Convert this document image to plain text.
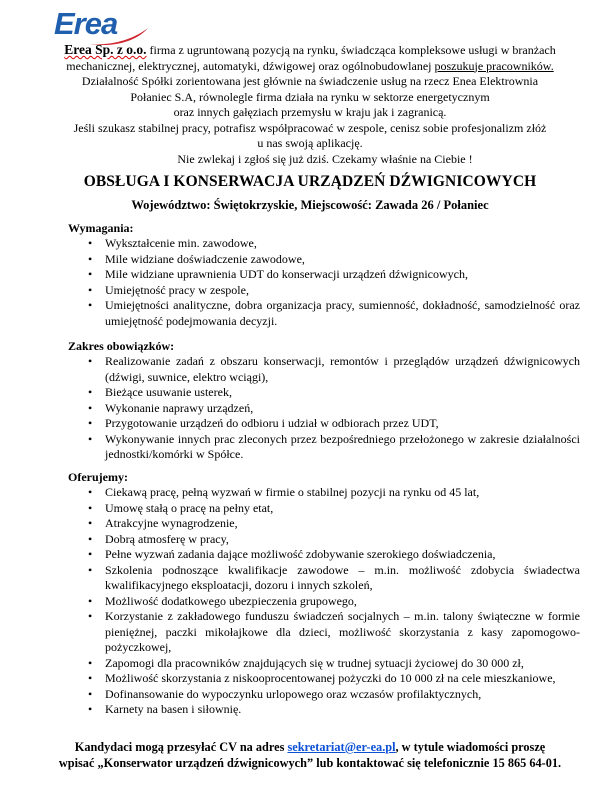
Erea
Erea Sp. z o.o. firma z ugruntowaną pozycją na rynku, świadcząca kompleksowe usługi w branżach
mechanicznej, elektrycznej, automatyki, dźwigowej oraz ogólnobudowlanej poszukuje pracowników.
Działalność Spółki zorientowana jest głównie na świadczenie usług na rzecz Enea Elektrownia
Połaniec S.A, równolegle firma działa na rynku w sektorze energetycznym
oraz innych gałęziach przemysłu w kraju jak i zagranicą.
Jeśli szukasz stabilnej pracy, potrafisz współpracować w zespole, cenisz sobie profesjonalizm złóż
u nas swoją aplikację.
Nie zwlekaj i zgłoś się już dziś. Czekamy właśnie na Ciebie !
OBSŁUGA I KONSERWACJA URZĄDZEŃ DŹWIGNICOWYCH
Województwo: Świętokrzyskie, Miejscowość: Zawada 26 / Połaniec
Wymagania:
• Wykształcenie min. zawodowe,
• Mile widziane doświadczenie zawodowe,
• Mile widziane uprawnienia UDT do konserwacji urządzeń dźwignicowych,
• Umiejętność pracy w zespole,
• Umiejętności analityczne, dobra organizacja pracy, sumienność, dokładność, samodzielność oraz umiejętność podejmowania decyzji.
Zakres obowiązków:
• Realizowanie zadań z obszaru konserwacji, remontów i przeglądów urządzeń dźwignicowych (dźwigi, suwnice, elektro wciągi),
• Bieżące usuwanie usterek,
• Wykonanie naprawy urządzeń,
• Przygotowanie urządzeń do odbioru i udział w odbiorach przez UDT,
• Wykonywanie innych prac zleconych przez bezpośredniego przełożonego w zakresie działalności jednostki/komórki w Spółce.
Oferujemy:
• Ciekawą pracę, pełną wyzwań w firmie o stabilnej pozycji na rynku od 45 lat,
• Umowę stałą o pracę na pełny etat,
• Atrakcyjne wynagrodzenie,
• Dobrą atmosferę w pracy,
• Pełne wyzwań zadania dające możliwość zdobywanie szerokiego doświadczenia,
• Szkolenia podnoszące kwalifikacje zawodowe – m.in. możliwość zdobycia świadectwa kwalifikacyjnego eksploatacji, dozoru i innych szkoleń,
• Możliwość dodatkowego ubezpieczenia grupowego,
• Korzystanie z zakładowego funduszu świadczeń socjalnych – m.in. talony świąteczne w formie pieniężnej, paczki mikołajkowe dla dzieci, możliwość skorzystania z kasy zapomogowo-pożyczkowej,
• Zapomogi dla pracowników znajdujących się w trudnej sytuacji życiowej do 30 000 zł,
• Możliwość skorzystania z niskooprocentowanej pożyczki do 10 000 zł na cele mieszkaniowe,
• Dofinansowanie do wypoczynku urlopowego oraz wczasów profilaktycznych,
• Karnety na basen i siłownię.
Kandydaci mogą przesyłać CV na adres sekretariat@er-ea.pl, w tytule wiadomości proszę
wpisać „Konserwator urządzeń dźwignicowych” lub kontaktować się telefonicznie 15 865 64-01.
